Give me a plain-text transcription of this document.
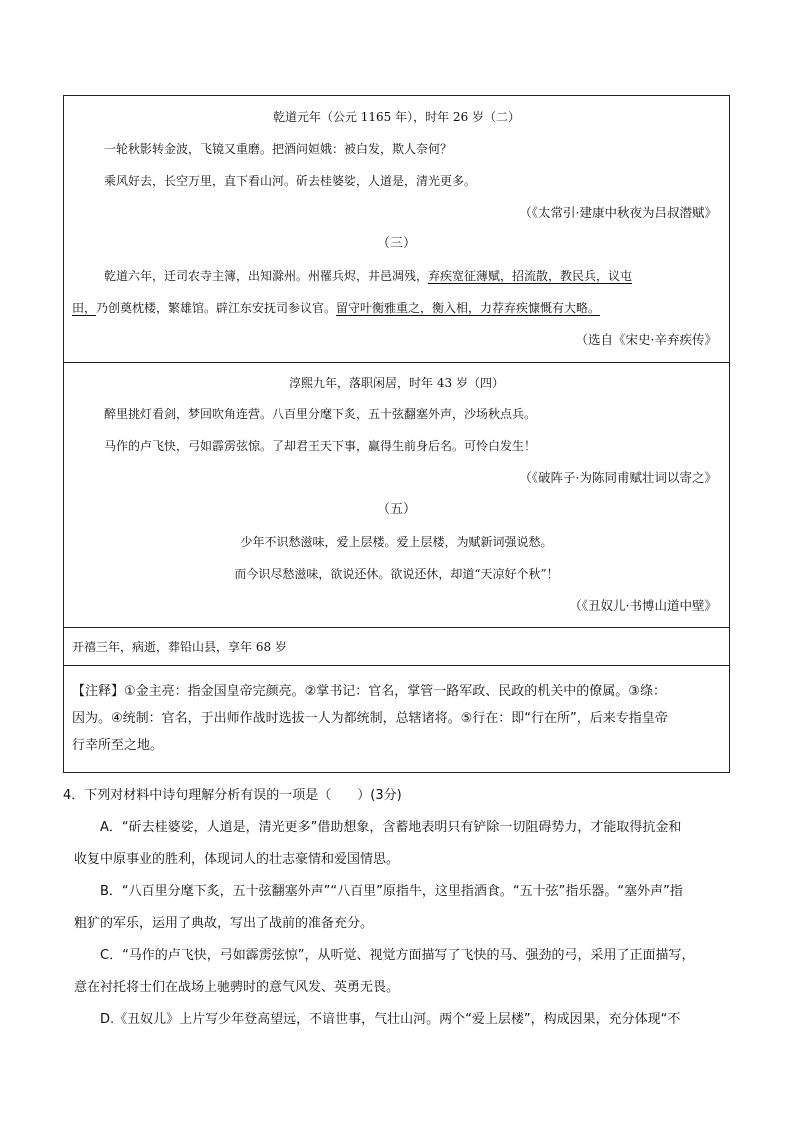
乾道元年（公元 1165 年），时年 26 岁（二）
一轮秋影转金波，飞镜又重磨。把酒问姮娥：被白发，欺人奈何？
乘风好去，长空万里，直下看山河。斫去桂婆娑，人道是，清光更多。
（《太常引·建康中秋夜为吕叔潜赋》
（三）
乾道六年，迁司农寺主簿，出知滁州。州罹兵烬，井邑凋残，弃疾宽征薄赋，招流散，教民兵，议屯
田，乃创奠枕楼，繁雄馆。辟江东安抚司参议官。留守叶衡雅重之，衡入相，力荐弃疾慷慨有大略。
（选自《宋史·辛弃疾传》
淳熙九年，落职闲居，时年 43 岁（四）
醉里挑灯看剑，梦回吹角连营。八百里分麾下炙，五十弦翻塞外声，沙场秋点兵。
马作的卢飞快，弓如霹雳弦惊。了却君王天下事，赢得生前身后名。可怜白发生！
（《破阵子·为陈同甫赋壮词以寄之》
（五）
少年不识愁滋味，爱上层楼。爱上层楼，为赋新词强说愁。
而今识尽愁滋味，欲说还休。欲说还休，却道“天凉好个秋”！
（《丑奴儿·书博山道中壁》
开禧三年，病逝，葬铅山县，享年 68 岁
【注释】①金主亮：指金国皇帝完颜亮。②掌书记：官名，掌管一路军政、民政的机关中的僚属。③绦：
因为。④统制：官名，于出师作战时选拔一人为都统制，总辖诸将。⑤行在：即“行在所”，后来专指皇帝
行幸所至之地。
4．下列对材料中诗句理解分析有误的一项是（　　）(3分)
A．“斫去桂婆娑，人道是，清光更多”借助想象，含蓄地表明只有铲除一切阻碍势力，才能取得抗金和
收复中原事业的胜利，体现词人的壮志豪情和爱国情思。
B．“八百里分麾下炙，五十弦翻塞外声”“八百里”原指牛，这里指酒食。“五十弦”指乐器。“塞外声”指
粗犷的军乐，运用了典故，写出了战前的准备充分。
C．“马作的卢飞快，弓如霹雳弦惊”，从听觉、视觉方面描写了飞快的马、强劲的弓，采用了正面描写，
意在衬托将士们在战场上驰骋时的意气风发、英勇无畏。
D.《丑奴儿》上片写少年登高望远，不谙世事，气壮山河。两个“爱上层楼”，构成因果，充分体现“不
